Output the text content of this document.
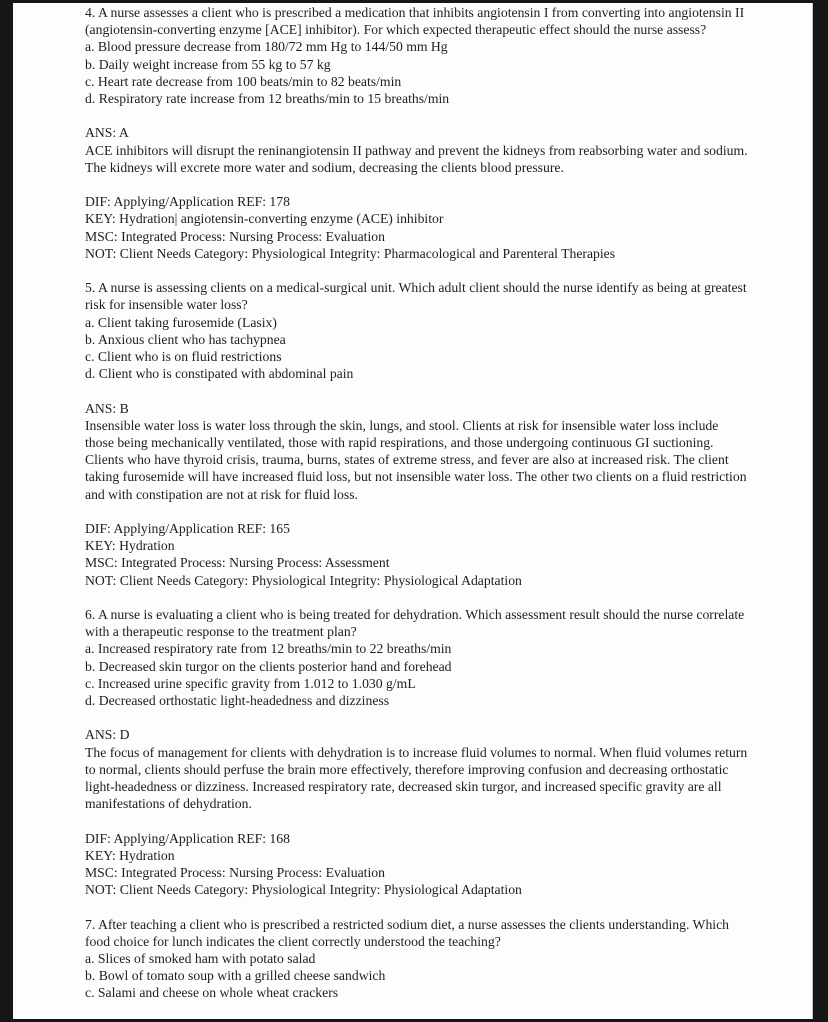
4. A nurse assesses a client who is prescribed a medication that inhibits angiotensin I from converting into angiotensin II (angiotensin-converting enzyme [ACE] inhibitor). For which expected therapeutic effect should the nurse assess?

a. Blood pressure decrease from 180/72 mm Hg to 144/50 mm Hg

b. Daily weight increase from 55 kg to 57 kg

c. Heart rate decrease from 100 beats/min to 82 beats/min

d. Respiratory rate increase from 12 breaths/min to 15 breaths/min

ANS: A

ACE inhibitors will disrupt the reninangiotensin II pathway and prevent the kidneys from reabsorbing water and sodium. The kidneys will excrete more water and sodium, decreasing the clients blood pressure.

DIF: Applying/Application REF: 178

KEY: Hydration| angiotensin-converting enzyme (ACE) inhibitor

MSC: Integrated Process: Nursing Process: Evaluation

NOT: Client Needs Category: Physiological Integrity: Pharmacological and Parenteral Therapies

5. A nurse is assessing clients on a medical-surgical unit. Which adult client should the nurse identify as being at greatest risk for insensible water loss?

a. Client taking furosemide (Lasix)

b. Anxious client who has tachypnea

c. Client who is on fluid restrictions

d. Client who is constipated with abdominal pain

ANS: B

Insensible water loss is water loss through the skin, lungs, and stool. Clients at risk for insensible water loss include those being mechanically ventilated, those with rapid respirations, and those undergoing continuous GI suctioning. Clients who have thyroid crisis, trauma, burns, states of extreme stress, and fever are also at increased risk. The client taking furosemide will have increased fluid loss, but not insensible water loss. The other two clients on a fluid restriction and with constipation are not at risk for fluid loss.

DIF: Applying/Application REF: 165

KEY: Hydration

MSC: Integrated Process: Nursing Process: Assessment

NOT: Client Needs Category: Physiological Integrity: Physiological Adaptation

6. A nurse is evaluating a client who is being treated for dehydration. Which assessment result should the nurse correlate with a therapeutic response to the treatment plan?

a. Increased respiratory rate from 12 breaths/min to 22 breaths/min

b. Decreased skin turgor on the clients posterior hand and forehead

c. Increased urine specific gravity from 1.012 to 1.030 g/mL

d. Decreased orthostatic light-headedness and dizziness

ANS: D

The focus of management for clients with dehydration is to increase fluid volumes to normal. When fluid volumes return to normal, clients should perfuse the brain more effectively, therefore improving confusion and decreasing orthostatic light-headedness or dizziness. Increased respiratory rate, decreased skin turgor, and increased specific gravity are all manifestations of dehydration.

DIF: Applying/Application REF: 168

KEY: Hydration

MSC: Integrated Process: Nursing Process: Evaluation

NOT: Client Needs Category: Physiological Integrity: Physiological Adaptation

7. After teaching a client who is prescribed a restricted sodium diet, a nurse assesses the clients understanding. Which food choice for lunch indicates the client correctly understood the teaching?

a. Slices of smoked ham with potato salad

b. Bowl of tomato soup with a grilled cheese sandwich

c. Salami and cheese on whole wheat crackers
